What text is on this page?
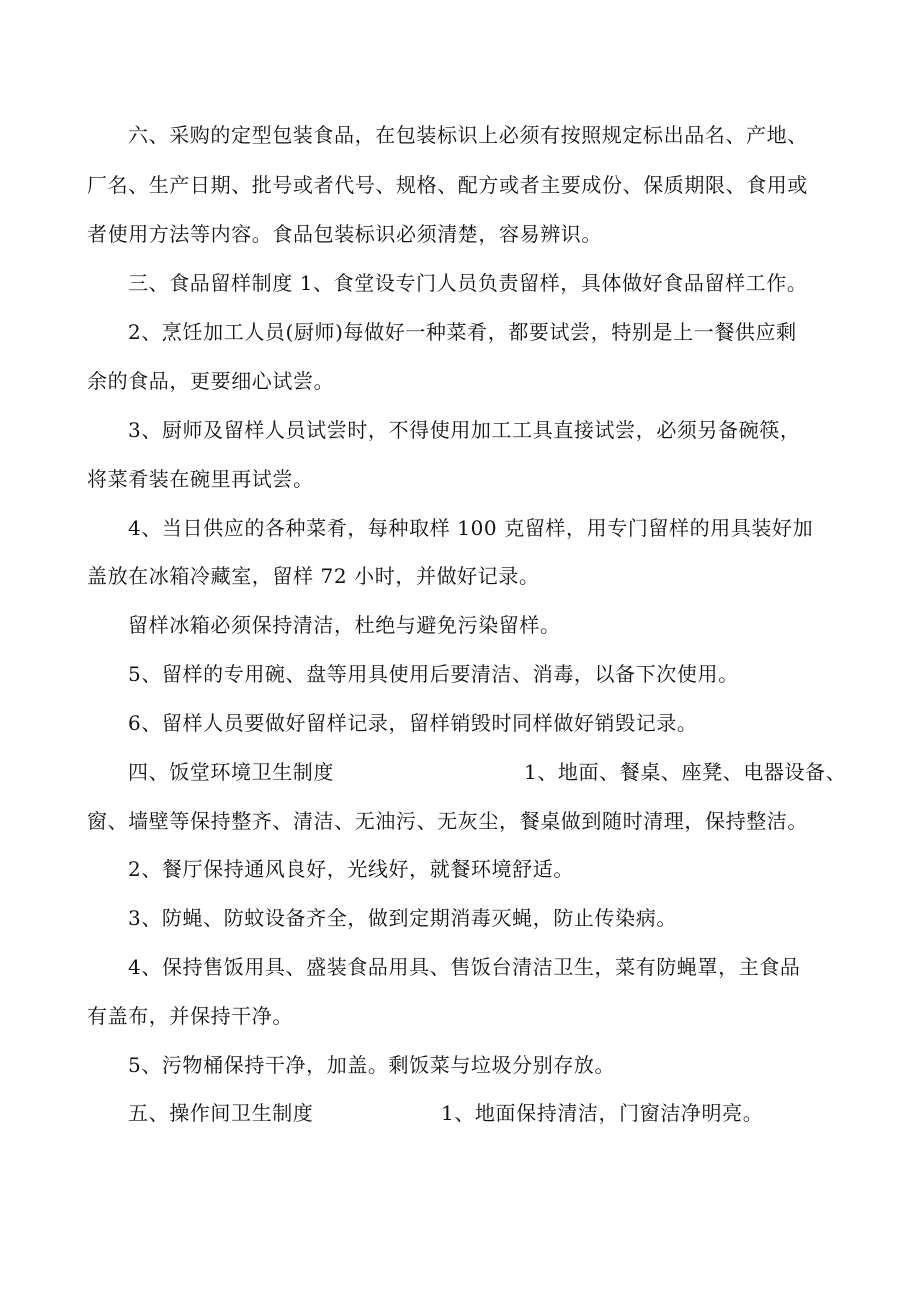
六、采购的定型包装食品，在包装标识上必须有按照规定标出品名、产地、
厂名、生产日期、批号或者代号、规格、配方或者主要成份、保质期限、食用或
者使用方法等内容。食品包装标识必须清楚，容易辨识。
三、食品留样制度 1、食堂设专门人员负责留样，具体做好食品留样工作。
2、烹饪加工人员(厨师)每做好一种菜肴，都要试尝，特别是上一餐供应剩
余的食品，更要细心试尝。
3、厨师及留样人员试尝时，不得使用加工工具直接试尝，必须另备碗筷，
将菜肴装在碗里再试尝。
4、当日供应的各种菜肴，每种取样 100 克留样，用专门留样的用具装好加
盖放在冰箱冷藏室，留样 72 小时，并做好记录。
留样冰箱必须保持清洁，杜绝与避免污染留样。
5、留样的专用碗、盘等用具使用后要清洁、消毒，以备下次使用。
6、留样人员要做好留样记录，留样销毁时同样做好销毁记录。
四、饭堂环境卫生制度	1、地面、餐桌、座凳、电器设备、
窗、墙壁等保持整齐、清洁、无油污、无灰尘，餐桌做到随时清理，保持整洁。
2、餐厅保持通风良好，光线好，就餐环境舒适。
3、防蝇、防蚊设备齐全，做到定期消毒灭蝇，防止传染病。
4、保持售饭用具、盛装食品用具、售饭台清洁卫生，菜有防蝇罩，主食品
有盖布，并保持干净。
5、污物桶保持干净，加盖。剩饭菜与垃圾分别存放。
五、操作间卫生制度	1、地面保持清洁，门窗洁净明亮。
